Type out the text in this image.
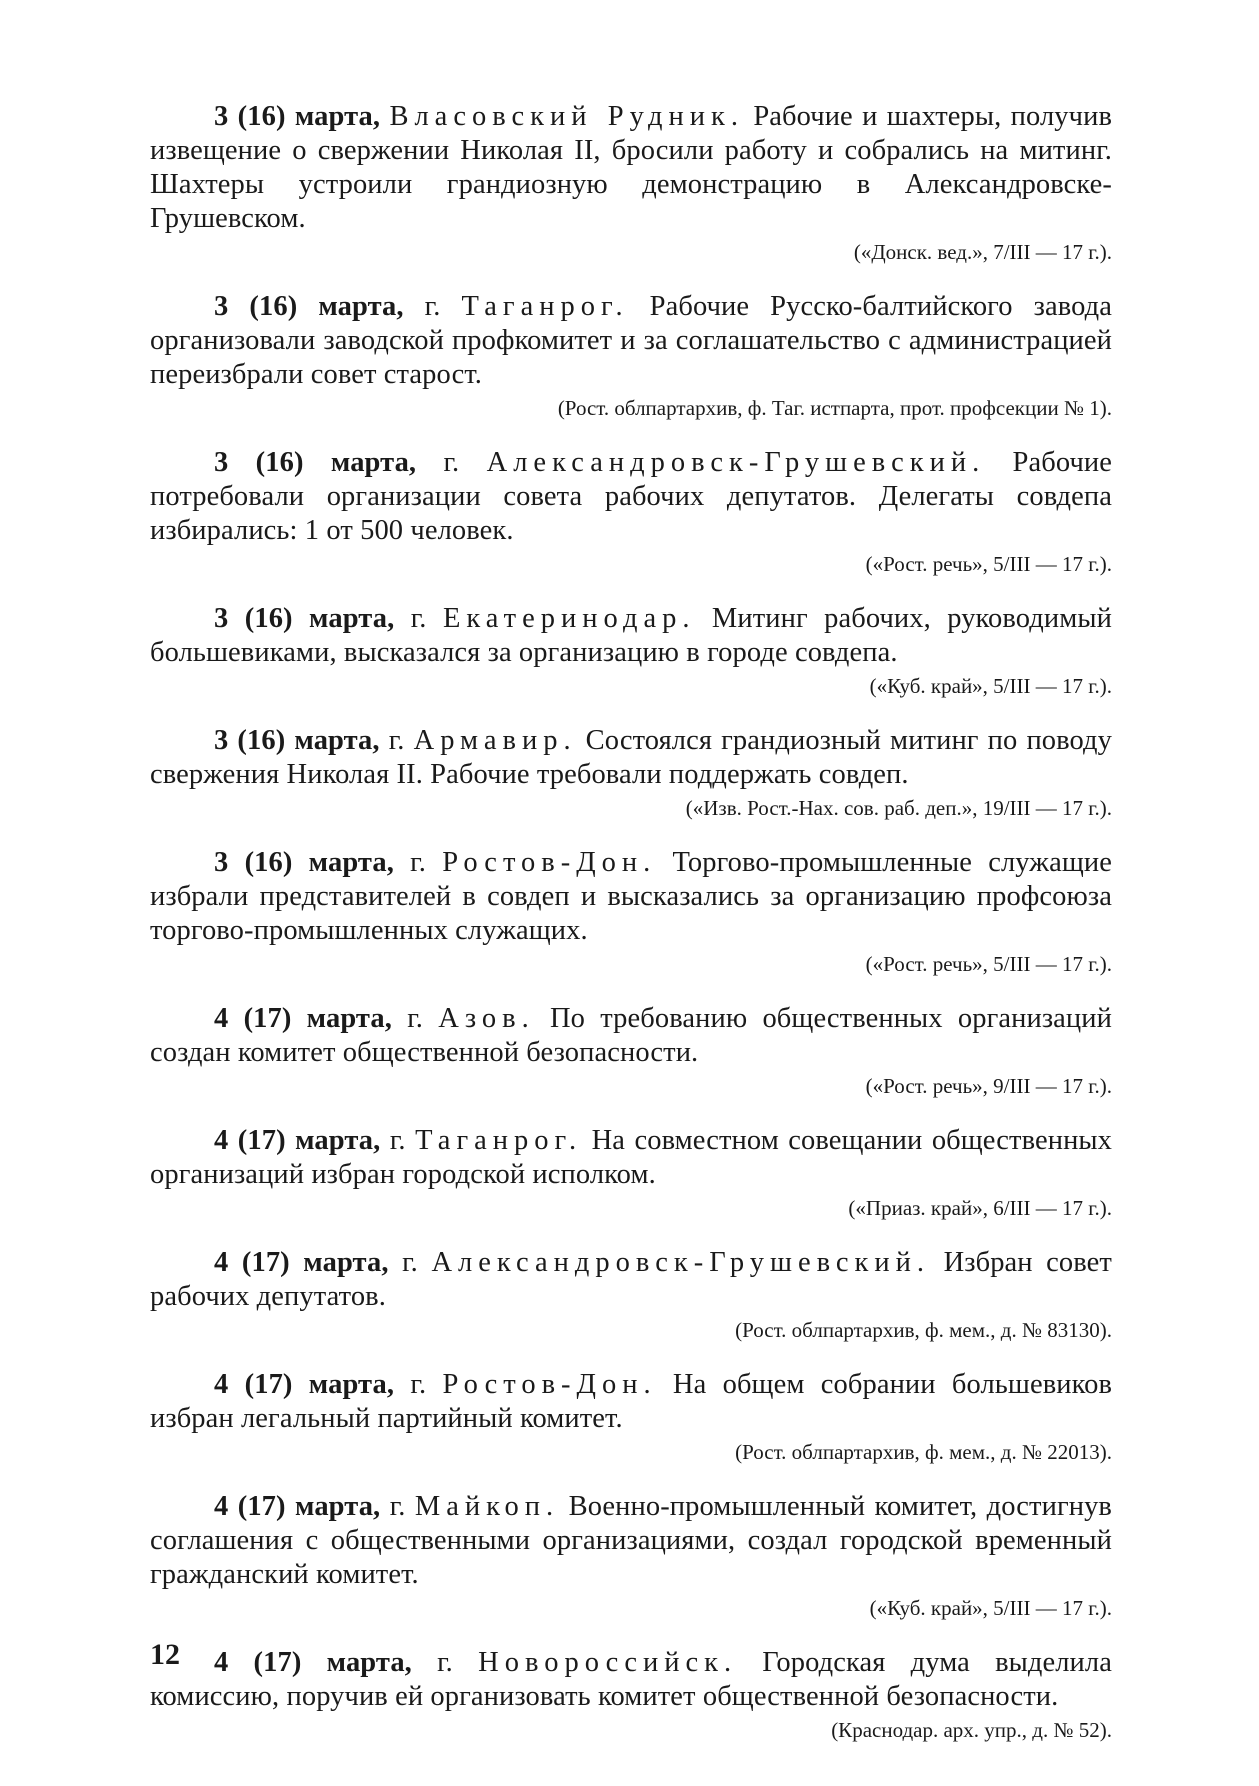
3 (16) марта, Власовский Рудник. Рабочие и шахтеры, получив извещение о свержении Николая II, бросили работу и собрались на митинг. Шахтеры устроили грандиозную демонстрацию в Александровске-Грушевском.
(«Донск. вед.», 7/III — 17 г.).
3 (16) марта, г. Таганрог. Рабочие Русско-балтийского завода организовали заводской профкомитет и за соглашательство с администрацией переизбрали совет старост.
(Рост. облпартархив, ф. Таг. истпарта, прот. профсекции № 1).
3 (16) марта, г. Александровск-Грушевский. Рабочие потребовали организации совета рабочих депутатов. Делегаты совдепа избирались: 1 от 500 человек.
(«Рост. речь», 5/III — 17 г.).
3 (16) марта, г. Екатеринодар. Митинг рабочих, руководимый большевиками, высказался за организацию в городе совдепа.
(«Куб. край», 5/III — 17 г.).
3 (16) марта, г. Армавир. Состоялся грандиозный митинг по поводу свержения Николая II. Рабочие требовали поддержать совдеп.
(«Изв. Рост.-Нах. сов. раб. деп.», 19/III — 17 г.).
3 (16) марта, г. Ростов-Дон. Торгово-промышленные служащие избрали представителей в совдеп и высказались за организацию профсоюза торгово-промышленных служащих.
(«Рост. речь», 5/III — 17 г.).
4 (17) марта, г. Азов. По требованию общественных организаций создан комитет общественной безопасности.
(«Рост. речь», 9/III — 17 г.).
4 (17) марта, г. Таганрог. На совместном совещании общественных организаций избран городской исполком.
(«Приаз. край», 6/III — 17 г.).
4 (17) марта, г. Александровск-Грушевский. Избран совет рабочих депутатов.
(Рост. облпартархив, ф. мем., д. № 83130).
4 (17) марта, г. Ростов-Дон. На общем собрании большевиков избран легальный партийный комитет.
(Рост. облпартархив, ф. мем., д. № 22013).
4 (17) марта, г. Майкоп. Военно-промышленный комитет, достигнув соглашения с общественными организациями, создал городской временный гражданский комитет.
(«Куб. край», 5/III — 17 г.).
4 (17) марта, г. Новороссийск. Городская дума выделила комиссию, поручив ей организовать комитет общественной безопасности.
(Краснодар. арх. упр., д. № 52).
12
